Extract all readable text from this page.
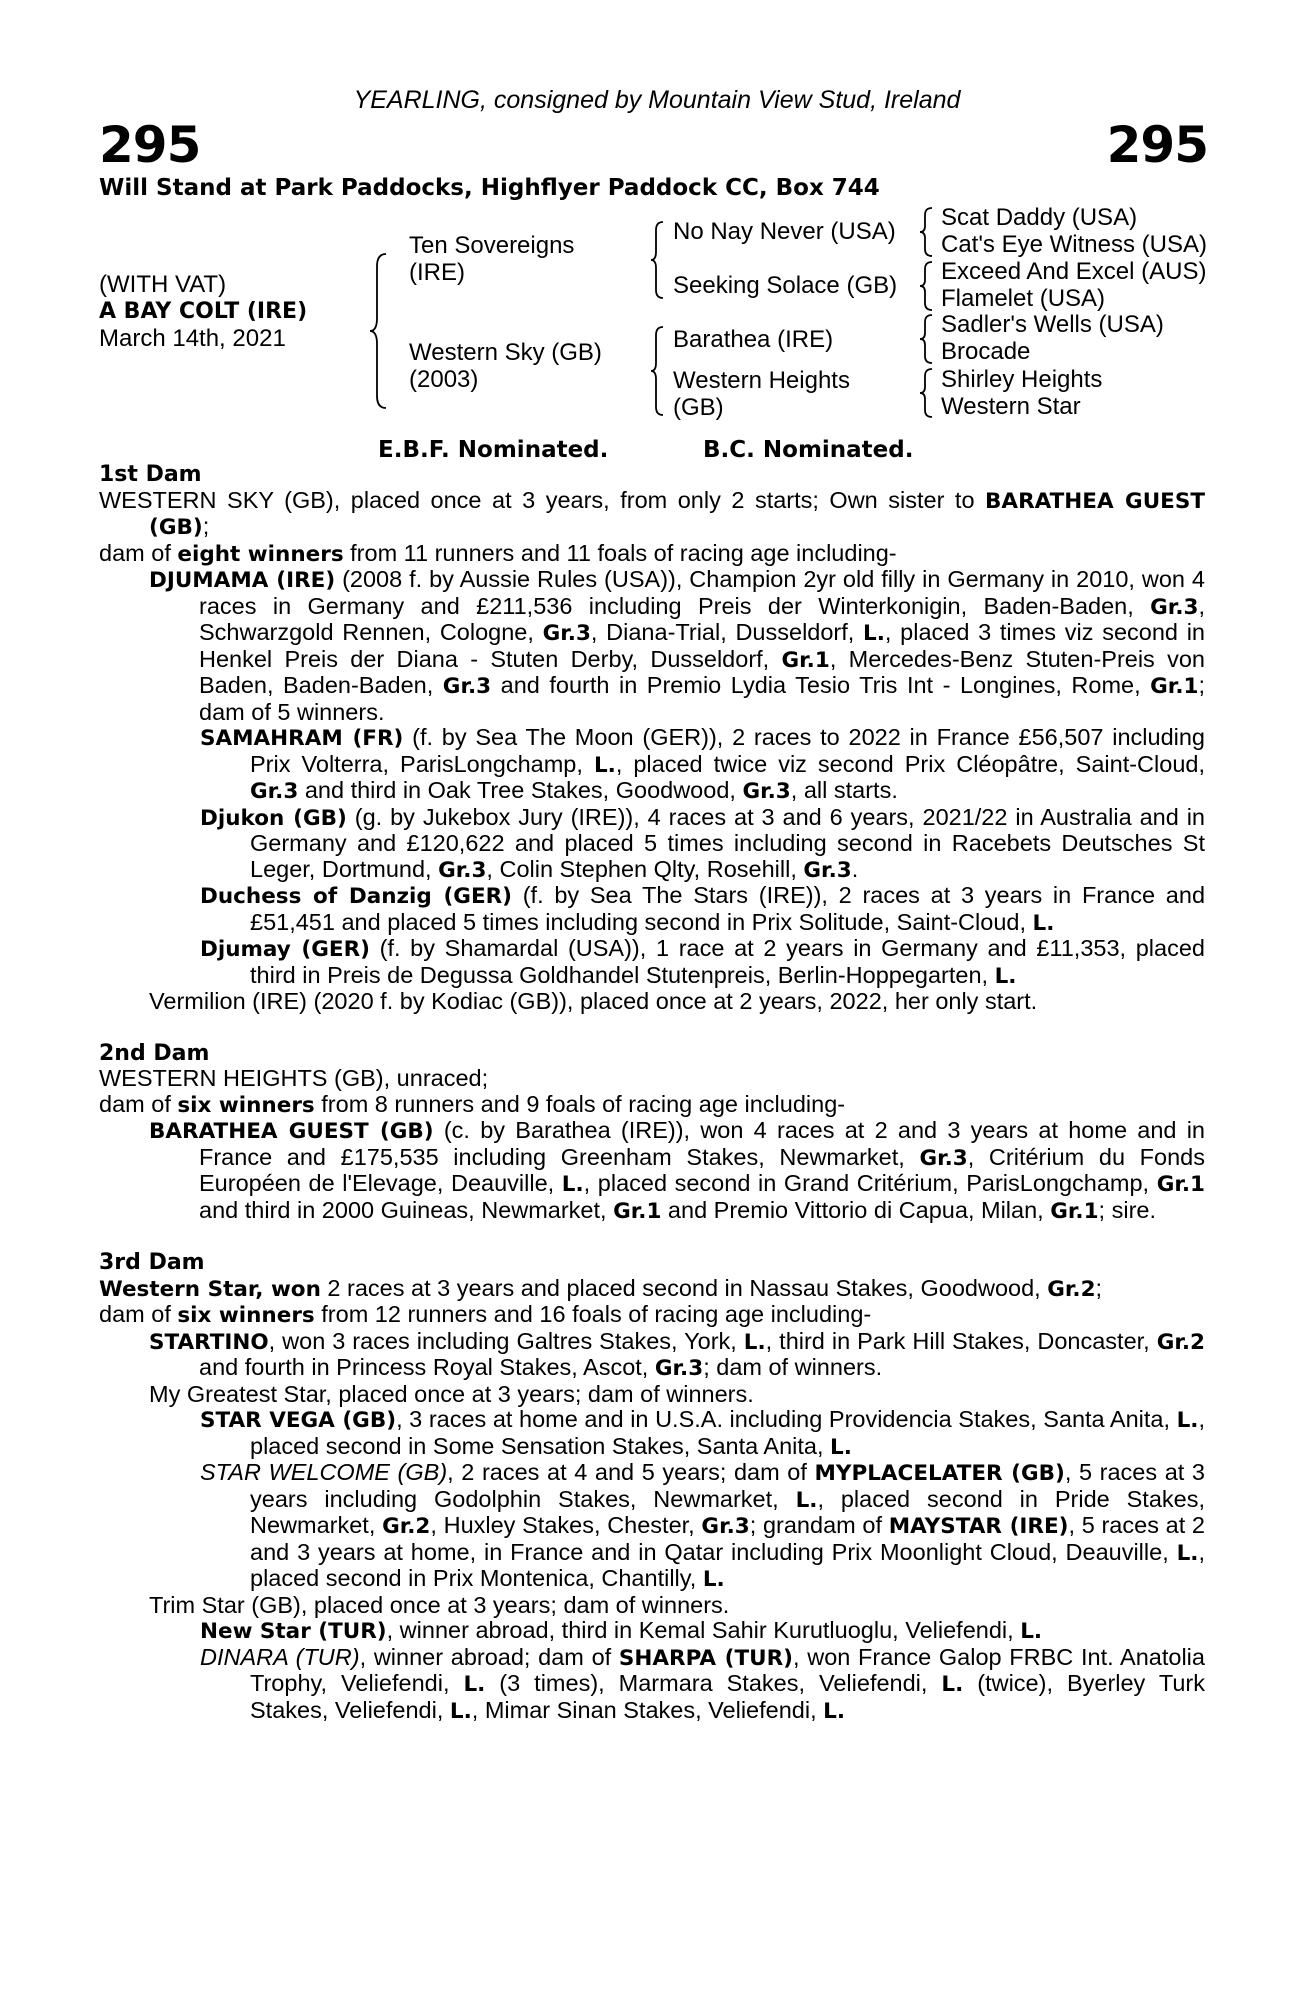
YEARLING, consigned by Mountain View Stud, Ireland
295	295
Will Stand at Park Paddocks, Highflyer Paddock CC, Box 744
(WITH VAT)
A BAY COLT (IRE)
March 14th, 2021
Ten Sovereigns
(IRE)
Western Sky (GB)
(2003)
No Nay Never (USA)
Seeking Solace (GB)
Barathea (IRE)
Western Heights
(GB)
Scat Daddy (USA)
Cat's Eye Witness (USA)
Exceed And Excel (AUS)
Flamelet (USA)
Sadler's Wells (USA)
Brocade
Shirley Heights
Western Star
E.B.F. Nominated.	B.C. Nominated.

1st Dam

WESTERN SKY (GB), placed once at 3 years, from only 2 starts; Own sister to BARATHEA GUEST (GB);

dam of eight winners from 11 runners and 11 foals of racing age including-

DJUMAMA (IRE) (2008 f. by Aussie Rules (USA)), Champion 2yr old filly in Germany in 2010, won 4 races in Germany and £211,536 including Preis der Winterkonigin, Baden-Baden, Gr.3, Schwarzgold Rennen, Cologne, Gr.3, Diana-Trial, Dusseldorf, L., placed 3 times viz second in Henkel Preis der Diana - Stuten Derby, Dusseldorf, Gr.1, Mercedes-Benz Stuten-Preis von Baden, Baden-Baden, Gr.3 and fourth in Premio Lydia Tesio Tris Int - Longines, Rome, Gr.1; dam of 5 winners.

SAMAHRAM (FR) (f. by Sea The Moon (GER)), 2 races to 2022 in France £56,507 including Prix Volterra, ParisLongchamp, L., placed twice viz second Prix Cléopâtre, Saint-Cloud, Gr.3 and third in Oak Tree Stakes, Goodwood, Gr.3, all starts.

Djukon (GB) (g. by Jukebox Jury (IRE)), 4 races at 3 and 6 years, 2021/22 in Australia and in Germany and £120,622 and placed 5 times including second in Racebets Deutsches St Leger, Dortmund, Gr.3, Colin Stephen Qlty, Rosehill, Gr.3.

Duchess of Danzig (GER) (f. by Sea The Stars (IRE)), 2 races at 3 years in France and £51,451 and placed 5 times including second in Prix Solitude, Saint-Cloud, L.

Djumay (GER) (f. by Shamardal (USA)), 1 race at 2 years in Germany and £11,353, placed third in Preis de Degussa Goldhandel Stutenpreis, Berlin-Hoppegarten, L.

Vermilion (IRE) (2020 f. by Kodiac (GB)), placed once at 2 years, 2022, her only start.

2nd Dam

WESTERN HEIGHTS (GB), unraced;

dam of six winners from 8 runners and 9 foals of racing age including-

BARATHEA GUEST (GB) (c. by Barathea (IRE)), won 4 races at 2 and 3 years at home and in France and £175,535 including Greenham Stakes, Newmarket, Gr.3, Critérium du Fonds Européen de l'Elevage, Deauville, L., placed second in Grand Critérium, ParisLongchamp, Gr.1 and third in 2000 Guineas, Newmarket, Gr.1 and Premio Vittorio di Capua, Milan, Gr.1; sire.

3rd Dam

Western Star, won 2 races at 3 years and placed second in Nassau Stakes, Goodwood, Gr.2;

dam of six winners from 12 runners and 16 foals of racing age including-

STARTINO, won 3 races including Galtres Stakes, York, L., third in Park Hill Stakes, Doncaster, Gr.2 and fourth in Princess Royal Stakes, Ascot, Gr.3; dam of winners.

My Greatest Star, placed once at 3 years; dam of winners.

STAR VEGA (GB), 3 races at home and in U.S.A. including Providencia Stakes, Santa Anita, L., placed second in Some Sensation Stakes, Santa Anita, L.

STAR WELCOME (GB), 2 races at 4 and 5 years; dam of MYPLACELATER (GB), 5 races at 3 years including Godolphin Stakes, Newmarket, L., placed second in Pride Stakes, Newmarket, Gr.2, Huxley Stakes, Chester, Gr.3; grandam of MAYSTAR (IRE), 5 races at 2 and 3 years at home, in France and in Qatar including Prix Moonlight Cloud, Deauville, L., placed second in Prix Montenica, Chantilly, L.

Trim Star (GB), placed once at 3 years; dam of winners.

New Star (TUR), winner abroad, third in Kemal Sahir Kurutluoglu, Veliefendi, L.

DINARA (TUR), winner abroad; dam of SHARPA (TUR), won France Galop FRBC Int. Anatolia Trophy, Veliefendi, L. (3 times), Marmara Stakes, Veliefendi, L. (twice), Byerley Turk Stakes, Veliefendi, L., Mimar Sinan Stakes, Veliefendi, L.
